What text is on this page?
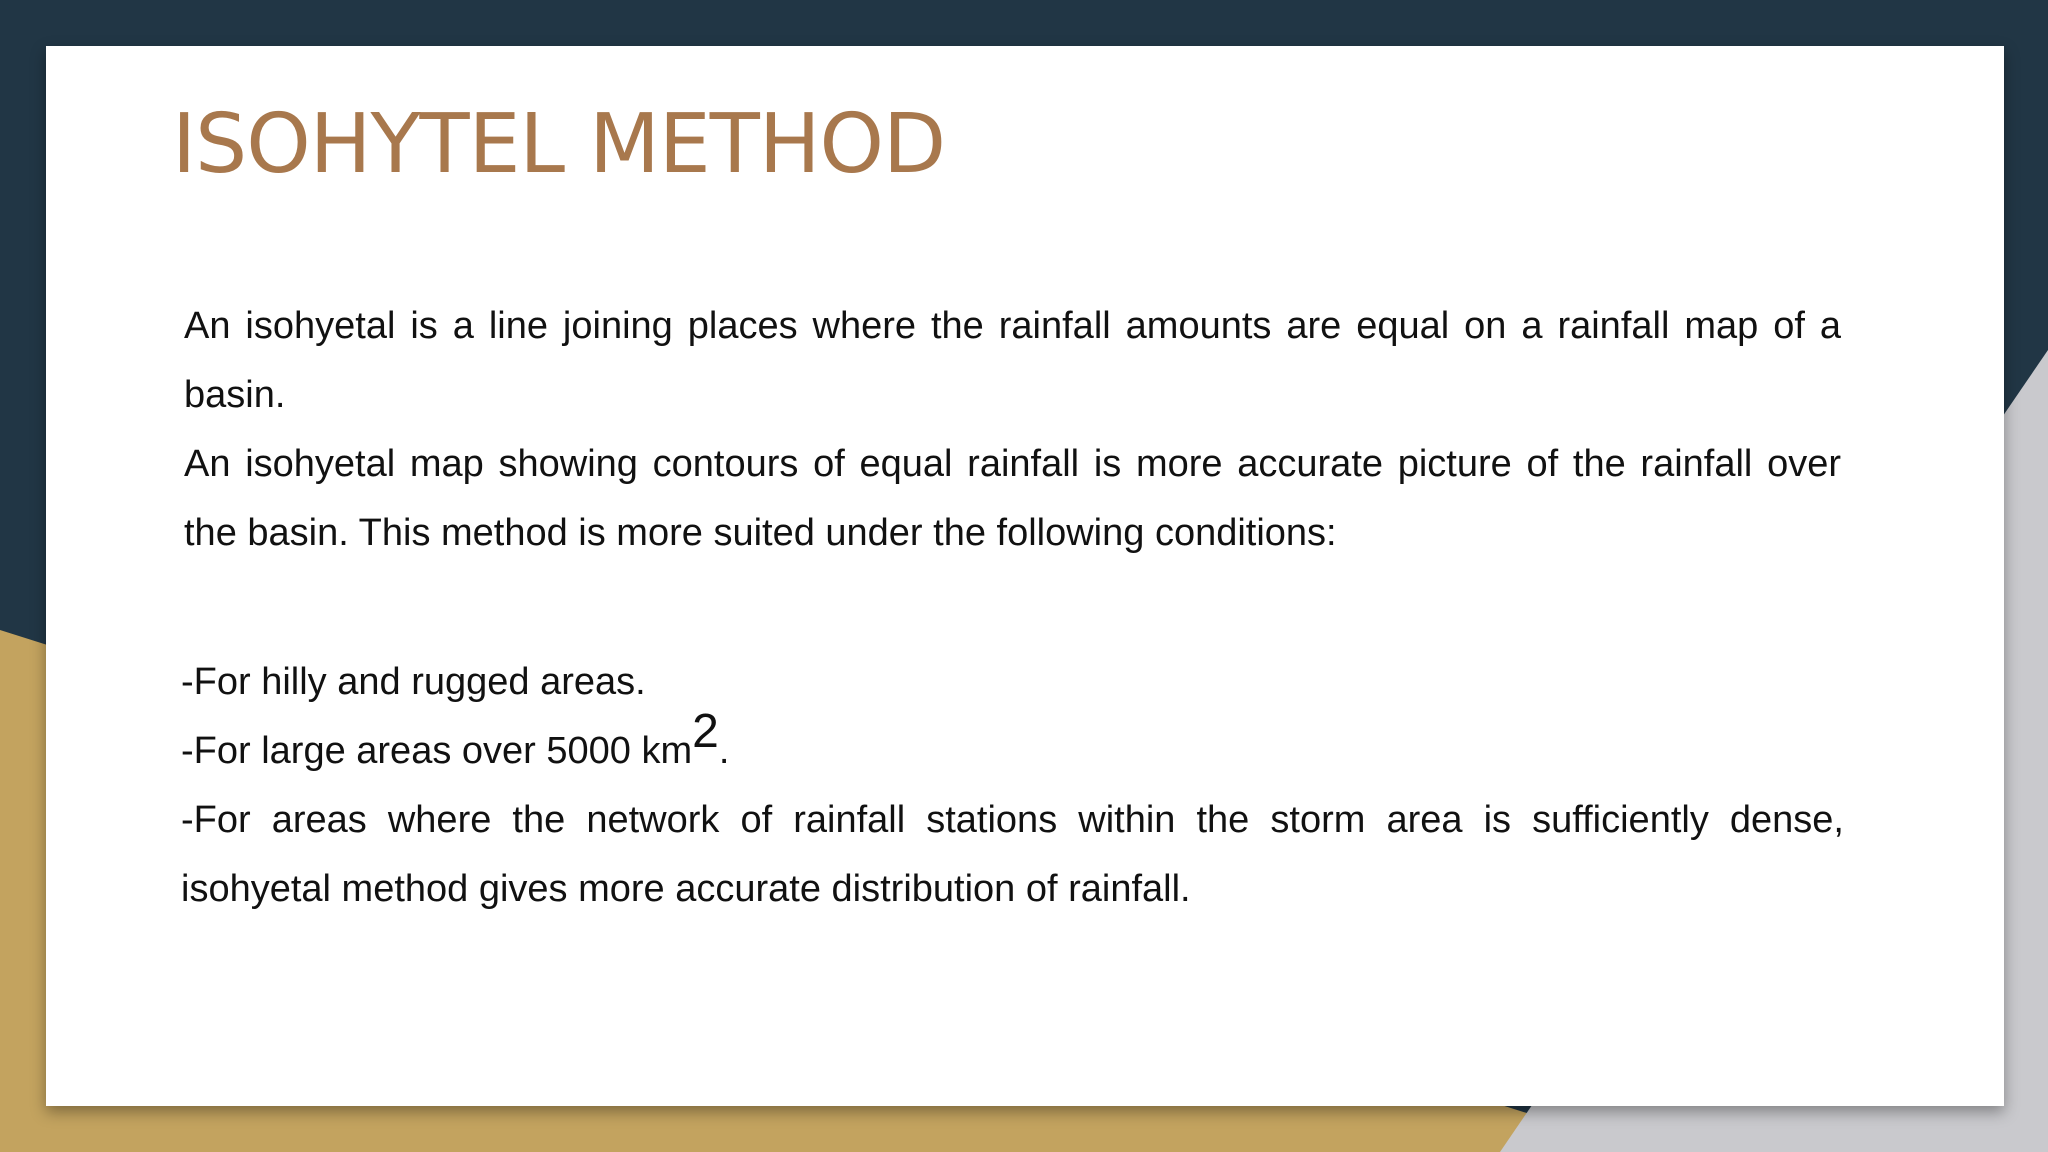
ISOHYTEL METHOD

An isohyetal is a line joining places where the rainfall amounts are equal on a rainfall map of a basin.

An isohyetal map showing contours of equal rainfall is more accurate picture of the rainfall over the basin. This method is more suited under the following conditions:

-For hilly and rugged areas.

-For large areas over 5000 km2.

-For areas where the network of rainfall stations within the storm area is sufficiently dense, isohyetal method gives more accurate distribution of rainfall.
